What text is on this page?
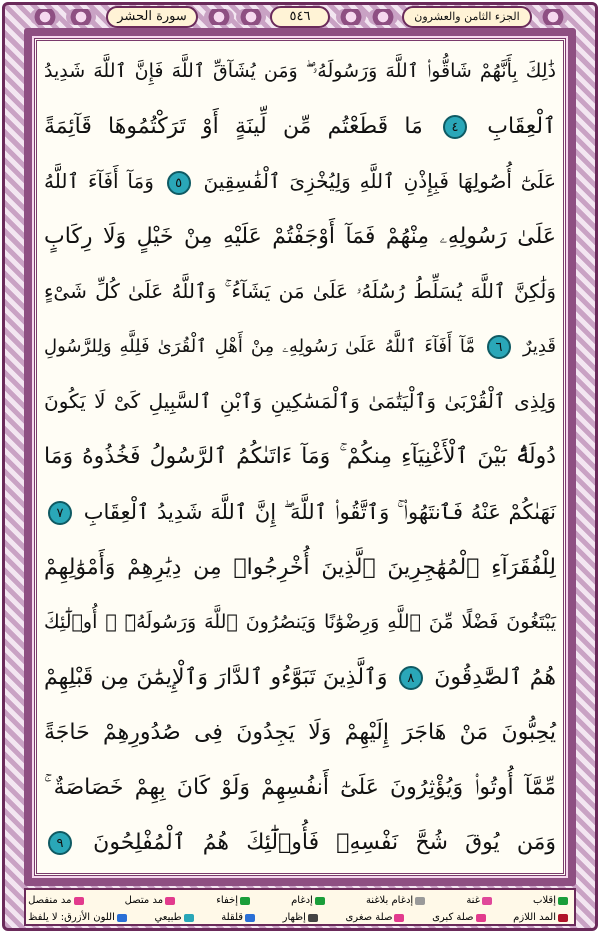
سورة الحشر	٥٤٦	الجزء الثامن والعشرون
ذَٰلِكَ بِأَنَّهُمْ شَاقُّوا۟ ٱللَّهَ وَرَسُولَهُۥ ۖ وَمَن يُشَآقِّ ٱللَّهَ فَإِنَّ ٱللَّهَ شَدِيدُ
ٱلْعِقَابِ ٤ مَا قَطَعْتُم مِّن لِّينَةٍ أَوْ تَرَكْتُمُوهَا قَآئِمَةً
عَلَىٰٓ أُصُولِهَا فَبِإِذْنِ ٱللَّهِ وَلِيُخْزِىَ ٱلْفَٰسِقِينَ ٥ وَمَآ أَفَآءَ ٱللَّهُ
عَلَىٰ رَسُولِهِۦ مِنْهُمْ فَمَآ أَوْجَفْتُمْ عَلَيْهِ مِنْ خَيْلٍ وَلَا رِكَابٍ
وَلَٰكِنَّ ٱللَّهَ يُسَلِّطُ رُسُلَهُۥ عَلَىٰ مَن يَشَآءُ ۚ وَٱللَّهُ عَلَىٰ كُلِّ شَىْءٍ
قَدِيرٌ ٦ مَّآ أَفَآءَ ٱللَّهُ عَلَىٰ رَسُولِهِۦ مِنْ أَهْلِ ٱلْقُرَىٰ فَلِلَّهِ وَلِلرَّسُولِ
وَلِذِى ٱلْقُرْبَىٰ وَٱلْيَتَٰمَىٰ وَٱلْمَسَٰكِينِ وَٱبْنِ ٱلسَّبِيلِ كَىْ لَا يَكُونَ
دُولَةًۢ بَيْنَ ٱلْأَغْنِيَآءِ مِنكُمْ ۚ وَمَآ ءَاتَىٰكُمُ ٱلرَّسُولُ فَخُذُوهُ وَمَا
نَهَىٰكُمْ عَنْهُ فَٱنتَهُوا۟ ۚ وَٱتَّقُوا۟ ٱللَّهَ ۖ إِنَّ ٱللَّهَ شَدِيدُ ٱلْعِقَابِ ٧
لِلْفُقَرَآءِ ٱلْمُهَٰجِرِينَ ٱلَّذِينَ أُخْرِجُوا۟ مِن دِيَٰرِهِمْ وَأَمْوَٰلِهِمْ
يَبْتَغُونَ فَضْلًا مِّنَ ٱللَّهِ وَرِضْوَٰنًا وَيَنصُرُونَ ٱللَّهَ وَرَسُولَهُۥٓ ۚ أُو۟لَٰٓئِكَ
هُمُ ٱلصَّٰدِقُونَ ٨ وَٱلَّذِينَ تَبَوَّءُو ٱلدَّارَ وَٱلْإِيمَٰنَ مِن قَبْلِهِمْ
يُحِبُّونَ مَنْ هَاجَرَ إِلَيْهِمْ وَلَا يَجِدُونَ فِى صُدُورِهِمْ حَاجَةً
مِّمَّآ أُوتُوا۟ وَيُؤْثِرُونَ عَلَىٰٓ أَنفُسِهِمْ وَلَوْ كَانَ بِهِمْ خَصَاصَةٌ ۚ
وَمَن يُوقَ شُحَّ نَفْسِهِۦ فَأُو۟لَٰٓئِكَ هُمُ ٱلْمُفْلِحُونَ ٩
إقلاب
غنة
إدغام بلاغنة
إدغام
إخفاء
مد متصل
مد منفصل
المد اللازم
صلة كبرى
صلة صغرى
إظهار
قلقلة
طبيعي
اللون الأزرق: لا يلفظ
